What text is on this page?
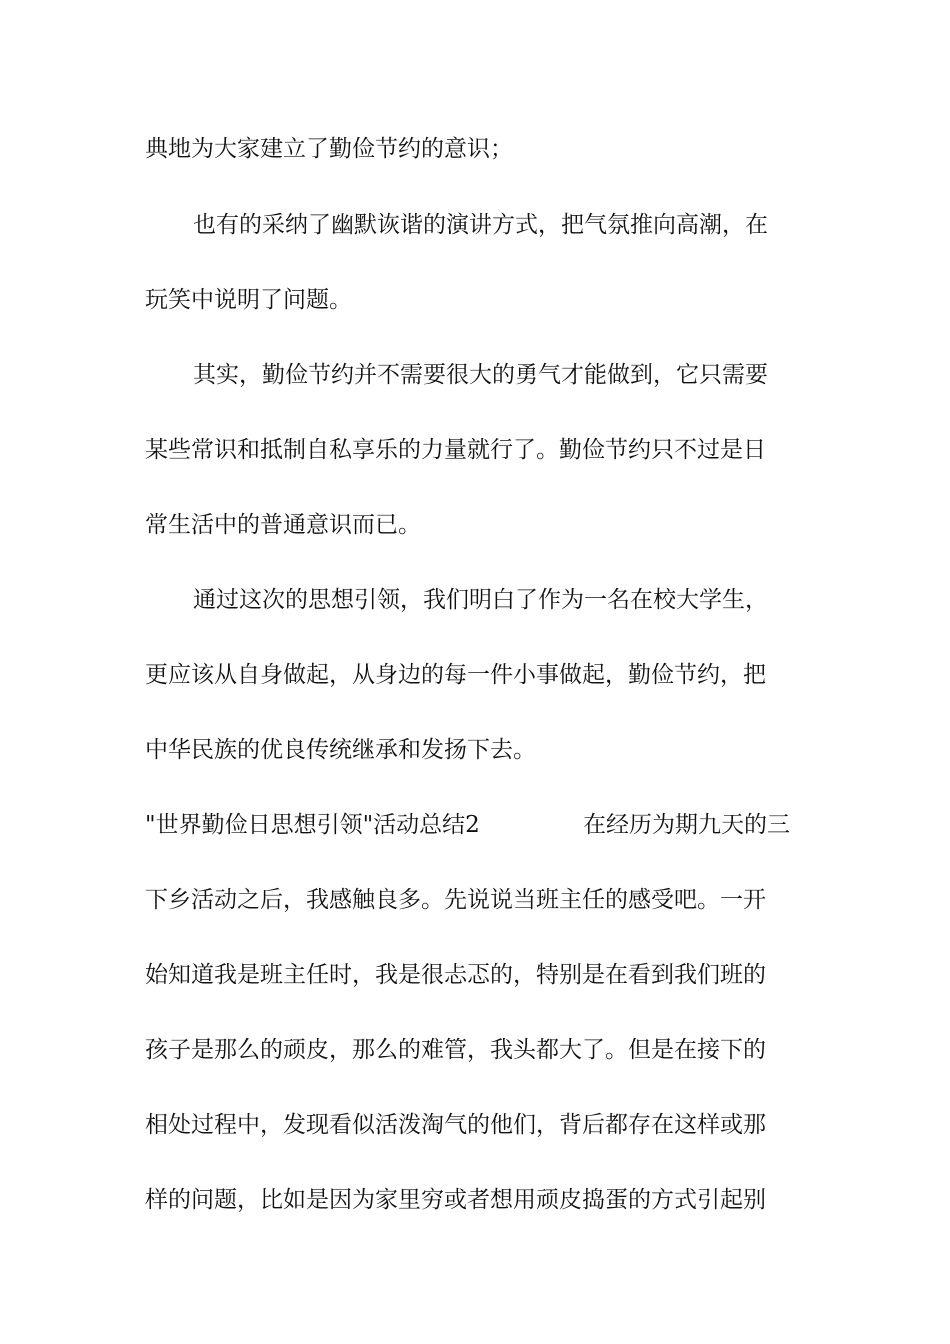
典地为大家建立了勤俭节约的意识；
也有的采纳了幽默诙谐的演讲方式，把气氛推向高潮，在
玩笑中说明了问题。
其实，勤俭节约并不需要很大的勇气才能做到，它只需要
某些常识和抵制自私享乐的力量就行了。勤俭节约只不过是日
常生活中的普通意识而已。
通过这次的思想引领，我们明白了作为一名在校大学生，
更应该从自身做起，从身边的每一件小事做起，勤俭节约，把
中华民族的优良传统继承和发扬下去。
"世界勤俭日思想引领"活动总结2	在经历为期九天的三
下乡活动之后，我感触良多。先说说当班主任的感受吧。一开
始知道我是班主任时，我是很忐忑的，特别是在看到我们班的
孩子是那么的顽皮，那么的难管，我头都大了。但是在接下的
相处过程中，发现看似活泼淘气的他们，背后都存在这样或那
样的问题，比如是因为家里穷或者想用顽皮捣蛋的方式引起别
